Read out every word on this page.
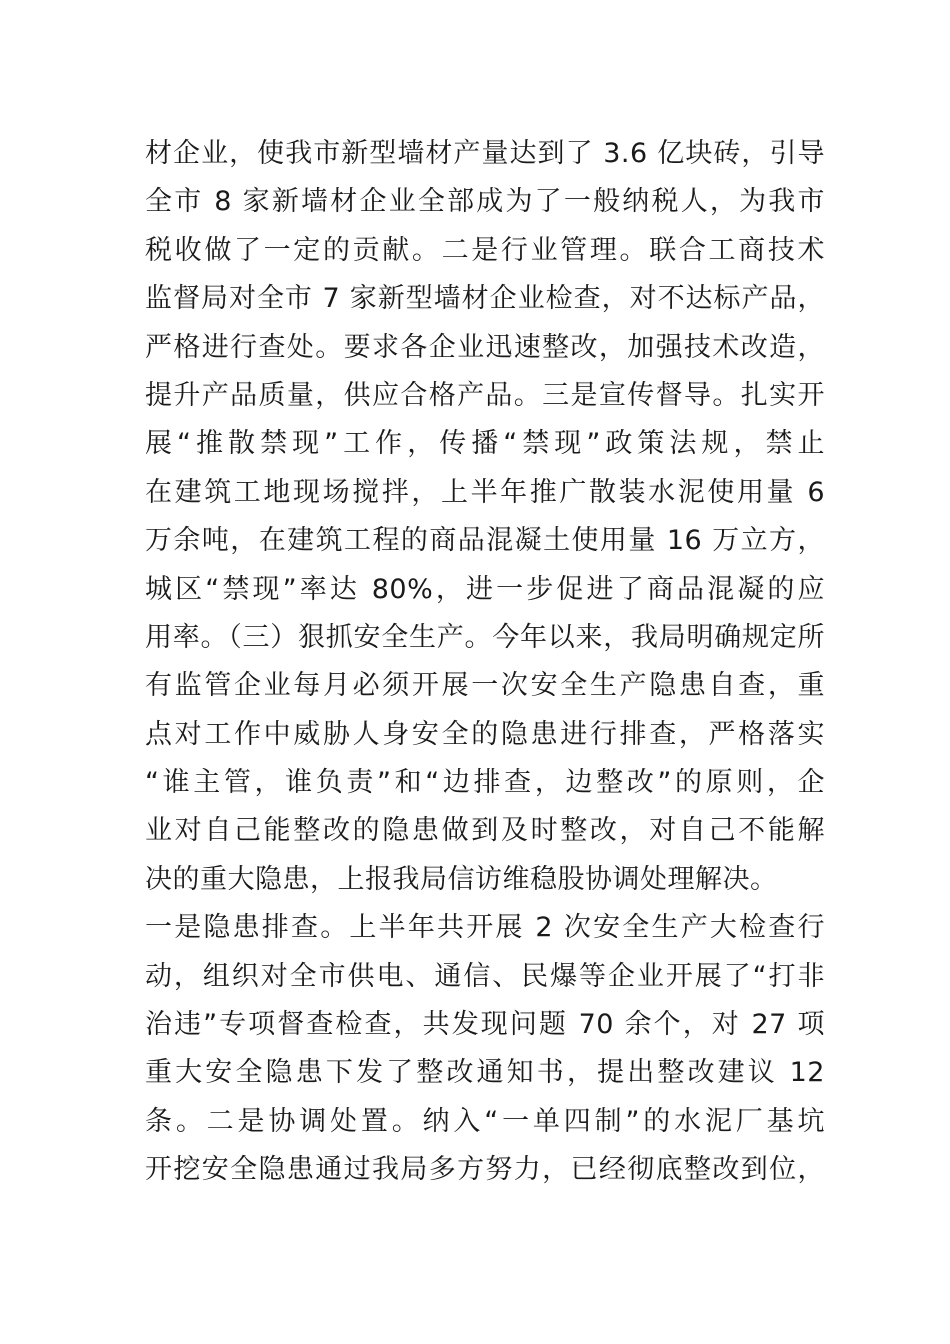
材企业，使我市新型墙材产量达到了 3.6 亿块砖，引导
全市 8 家新墙材企业全部成为了一般纳税人，为我市
税收做了一定的贡献。二是行业管理。联合工商技术
监督局对全市 7 家新型墙材企业检查，对不达标产品，
严格进行查处。要求各企业迅速整改，加强技术改造，
提升产品质量，供应合格产品。三是宣传督导。扎实开
展“推散禁现”工作，传播“禁现”政策法规，禁止
在建筑工地现场搅拌，上半年推广散装水泥使用量 6
万余吨，在建筑工程的商品混凝土使用量 16 万立方，
城区“禁现”率达 80%，进一步促进了商品混凝的应
用率。（三）狠抓安全生产。今年以来，我局明确规定所
有监管企业每月必须开展一次安全生产隐患自查，重
点对工作中威胁人身安全的隐患进行排查，严格落实
“谁主管，谁负责”和“边排查，边整改”的原则，企
业对自己能整改的隐患做到及时整改，对自己不能解
决的重大隐患，上报我局信访维稳股协调处理解决。
一是隐患排查。上半年共开展 2 次安全生产大检查行
动，组织对全市供电、通信、民爆等企业开展了“打非
治违”专项督查检查，共发现问题 70 余个，对 27 项
重大安全隐患下发了整改通知书，提出整改建议 12
条。二是协调处置。纳入“一单四制”的水泥厂基坑
开挖安全隐患通过我局多方努力，已经彻底整改到位，
